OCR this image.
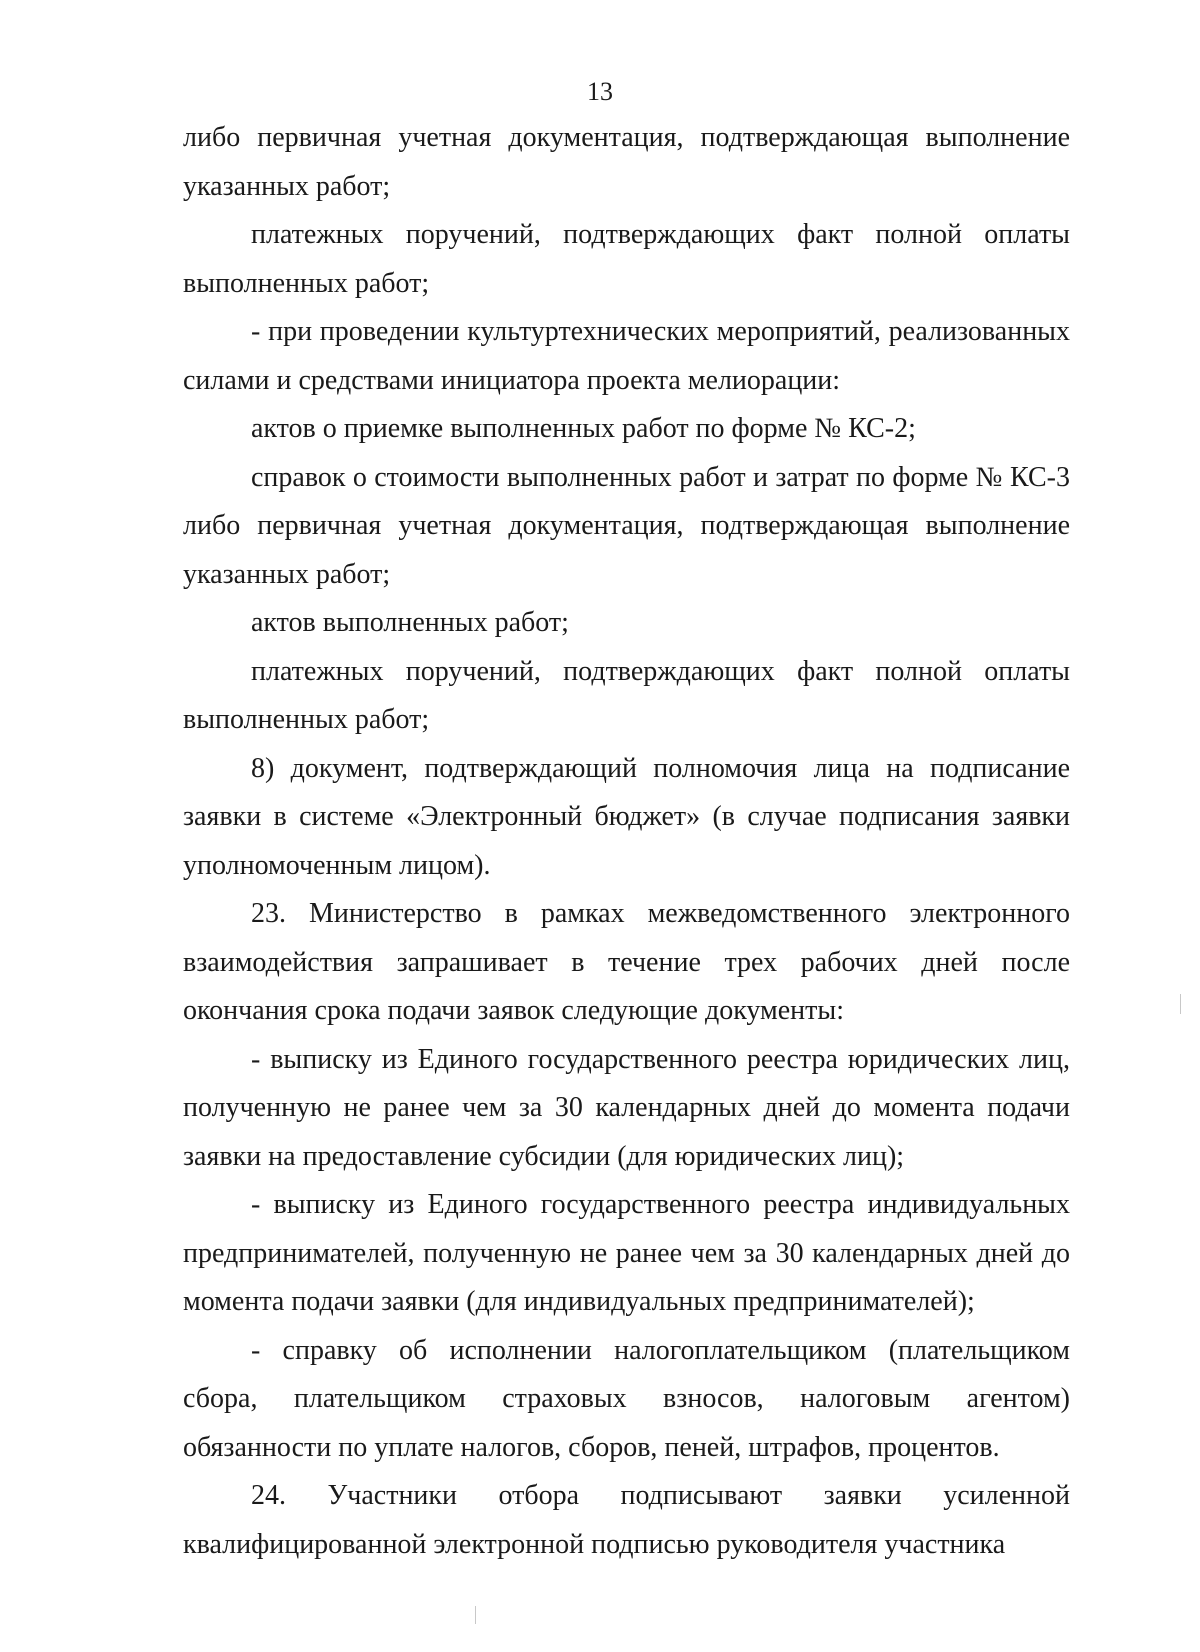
13

либо первичная учетная документация, подтверждающая выполнение указанных работ;

платежных поручений, подтверждающих факт полной оплаты выполненных работ;

- при проведении культуртехнических мероприятий, реализованных силами и средствами инициатора проекта мелиорации:

актов о приемке выполненных работ по форме № КС-2;

справок о стоимости выполненных работ и затрат по форме № КС-3 либо первичная учетная документация, подтверждающая выполнение указанных работ;

актов выполненных работ;

платежных поручений, подтверждающих факт полной оплаты выполненных работ;

8) документ, подтверждающий полномочия лица на подписание заявки в системе «Электронный бюджет» (в случае подписания заявки уполномоченным лицом).

23. Министерство в рамках межведомственного электронного взаимодействия запрашивает в течение трех рабочих дней после окончания срока подачи заявок следующие документы:

- выписку из Единого государственного реестра юридических лиц, полученную не ранее чем за 30 календарных дней до момента подачи заявки на предоставление субсидии (для юридических лиц);

- выписку из Единого государственного реестра индивидуальных предпринимателей, полученную не ранее чем за 30 календарных дней до момента подачи заявки (для индивидуальных предпринимателей);

- справку об исполнении налогоплательщиком (плательщиком сбора, плательщиком страховых взносов, налоговым агентом) обязанности по уплате налогов, сборов, пеней, штрафов, процентов.

24. Участники отбора подписывают заявки усиленной квалифицированной электронной подписью руководителя участника
